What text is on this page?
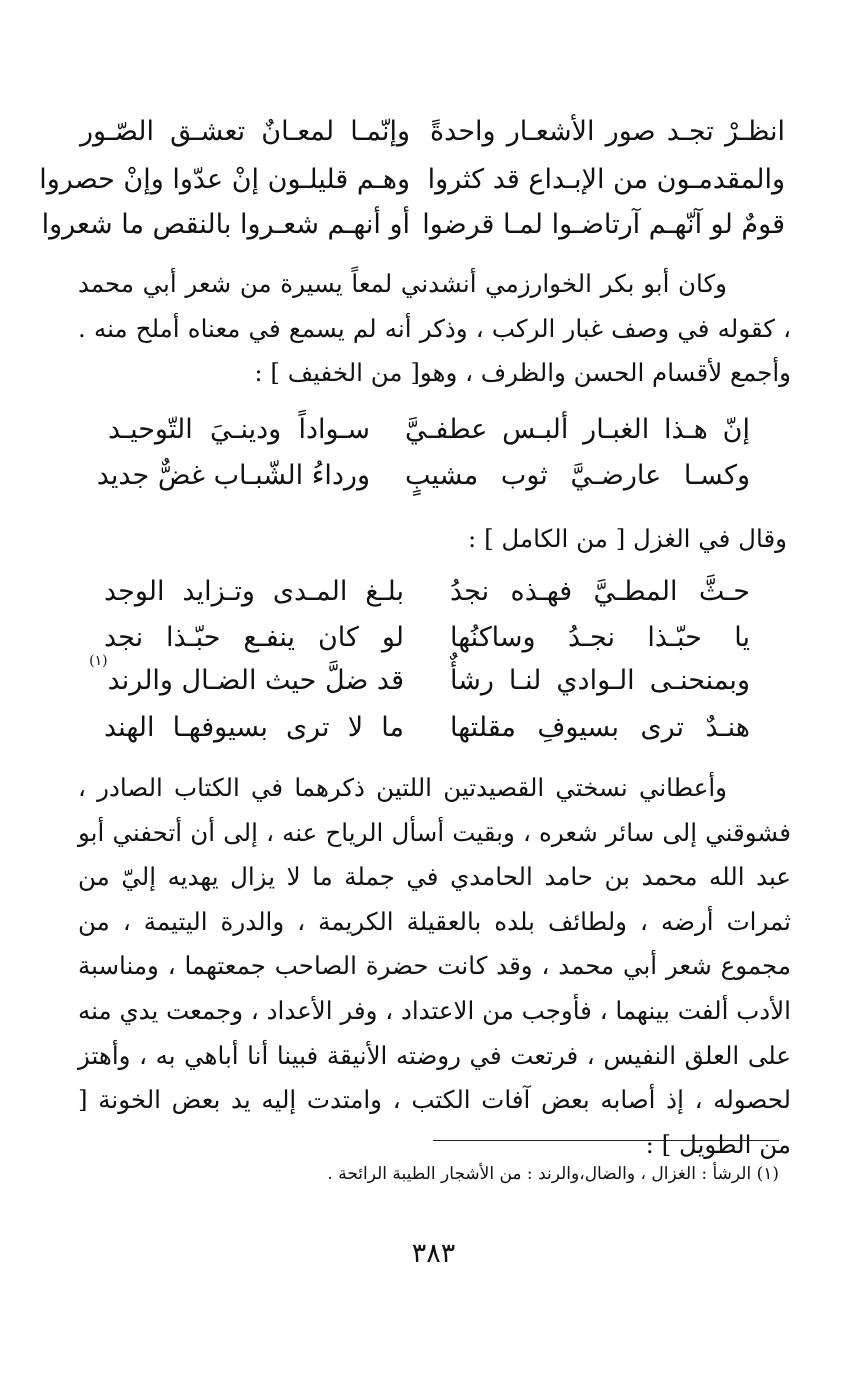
انظـرْ تجـد صور الأشعـار واحدةً
وإنّمـا لمعـانٌ تعشـق الصّـور
والمقدمـون من الإبـداع قد كثروا
وهـم قليلـون إنْ عدّوا وإنْ حصروا
قومٌ لو آنّهـم آرتاضـوا لمـا قرضوا
أو أنهـم شعـروا بالنقص ما شعروا
وكان أبو بكر الخوارزمي أنشدني لمعاً يسيرة من شعر أبي محمد ، كقوله في وصف غبار الركب ، وذكر أنه لم يسمع في معناه أملح منه . وأجمع لأقسام الحسن والظرف ، وهو[ من الخفيف ] :
إنّ هـذا الغبـار ألبـس عطفـيَّ
سـواداً ودينـيَ التّوحيـد
وكسـا عارضـيَّ ثوب مشيبٍ
ورداءُ الشّبـاب غضٌّ جديد
وقال في الغزل [ من الكامل ] :
حـثَّ المطـيَّ فهـذه نجدُ
بلـغ المـدى وتـزايد الوجد
يا حبّـذا نجـدُ وساكنُها
لو كان ينفـع حبّـذا نجد
وبمنحنـى الـوادي لنـا رشأٌ
قد ضلَّ حيث الضـال والرند
(١)
هنـدٌ ترى بسيوفِ مقلتها
ما لا ترى بسيوفهـا الهند
وأعطاني نسختي القصيدتين اللتين ذكرهما في الكتاب الصادر ، فشوقني إلى سائر شعره ، وبقيت أسأل الرياح عنه ، إلى أن أتحفني أبو عبد الله محمد بن حامد الحامدي في جملة ما لا يزال يهديه إليّ من ثمرات أرضه ، ولطائف بلده بالعقيلة الكريمة ، والدرة اليتيمة ، من مجموع شعر أبي محمد ، وقد كانت حضرة الصاحب جمعتهما ، ومناسبة الأدب ألفت بينهما ، فأوجب من الاعتداد ، وفر الأعداد ، وجمعت يدي منه على العلق النفيس ، فرتعت في روضته الأنيقة فبينا أنا أباهي به ، وأهتز لحصوله ، إذ أصابه بعض آفات الكتب ، وامتدت إليه يد بعض الخونة [ من الطويل ] :
(١) الرشأ : الغزال ، والضال،والرند : من الأشجار الطيبة الرائحة .
٣٨٣
